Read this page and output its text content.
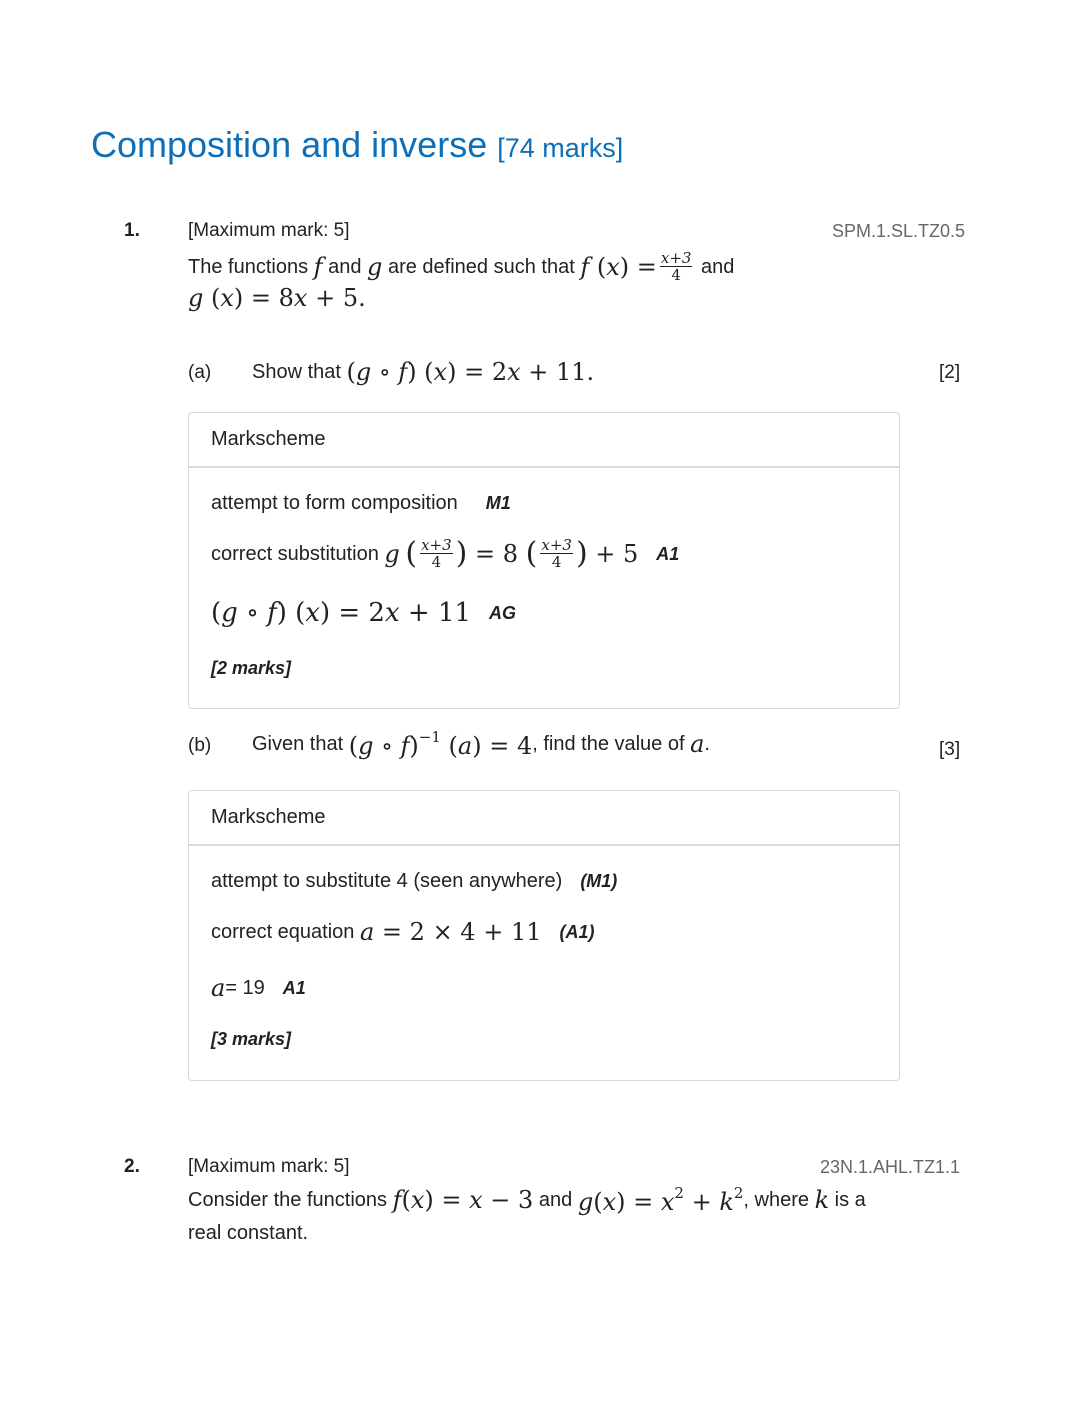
Composition and inverse [74 marks]
1.	[Maximum mark: 5]	SPM.1.SL.TZ0.5
The functions
f
and
g
are defined such that
f $(x) = \frac{x+3}{4}$
and
g (x) = 8x + 5.
(a) Show that
(g ∘ f) (x) = 2x + 11.	[2]
Markscheme
attempt to form composition M1
correct substitution
g
( $\frac{x+3}{4}$ ) = 8 ( $\frac{x+3}{4}$ ) + 5 A1
(g ∘ f) (x) = 2x + 11 AG
[2 marks]
(b) Given that
(g ∘ f)$^{-1}$ (a) = 4 , find the value of
a .	[3]
Markscheme
attempt to substitute 4 (seen anywhere) (M1)
correct equation
a = 2 × 4 + 11 (A1)
a = 19 A1
[3 marks]
2.	[Maximum mark: 5]	23N.1.AHL.TZ1.1
Consider the functions
f(x) = x − 3
and
$g(x) = x^2 + k^2$ , where
k
is a
real constant.
